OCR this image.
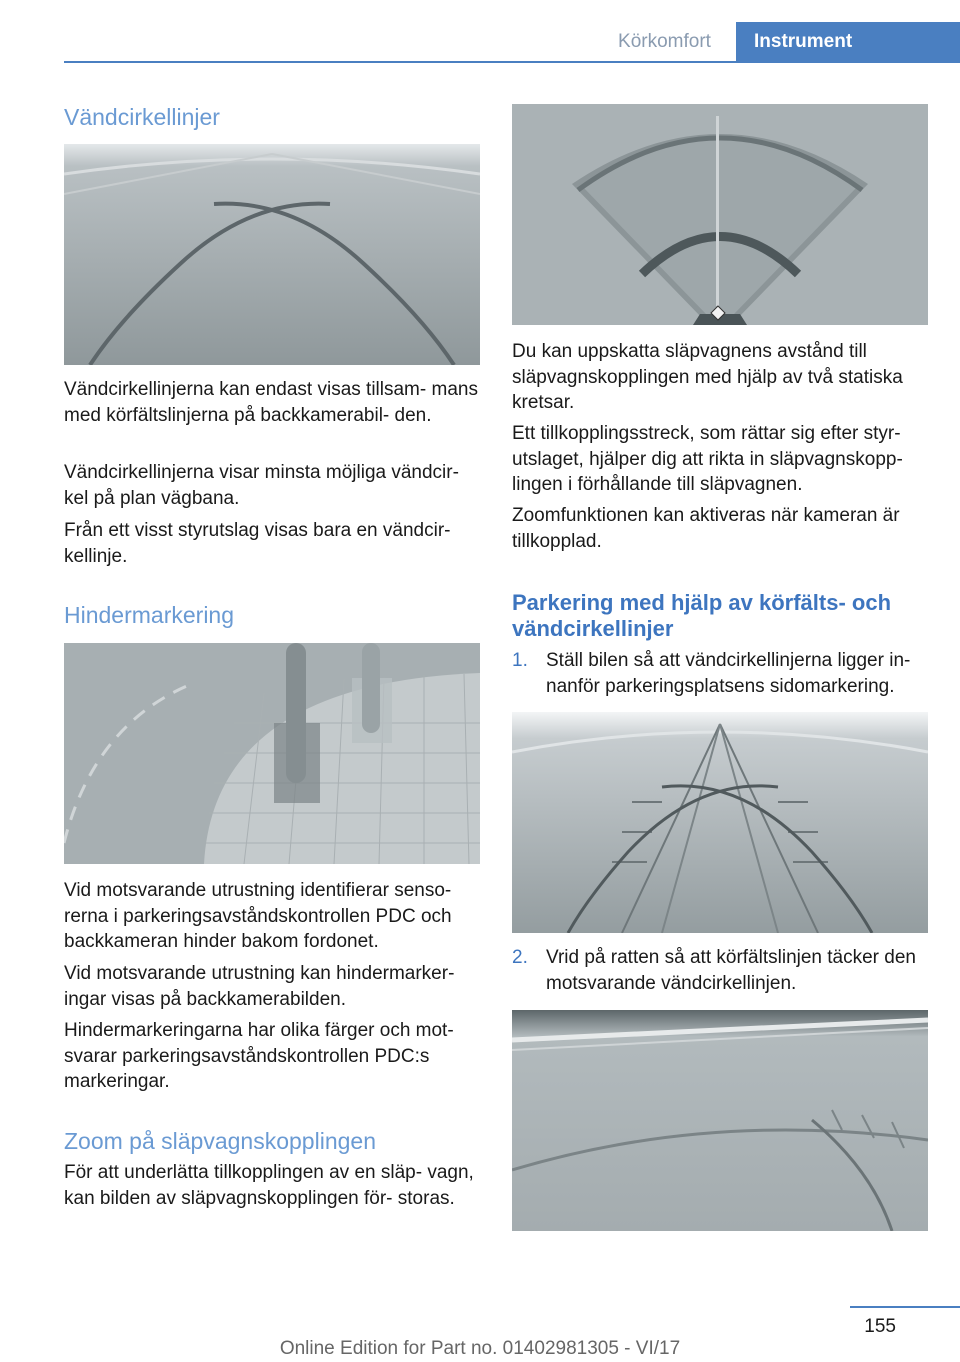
Körkomfort	Instrument
Vändcirkellinjer

Vändcirkellinjerna kan endast visas tillsam‐ mans med körfältslinjerna på backkamerabil‐ den.

Vändcirkellinjerna visar minsta möjliga vändcir‐ kel på plan vägbana.

Från ett visst styrutslag visas bara en vändcir‐ kellinje.

Hindermarkering

Vid motsvarande utrustning identifierar senso‐ rerna i parkeringsavståndskontrollen PDC och backkameran hinder bakom fordonet.

Vid motsvarande utrustning kan hindermarker‐ ingar visas på backkamerabilden.

Hindermarkeringarna har olika färger och mot‐ svarar parkeringsavståndskontrollen PDC:s markeringar.

Zoom på släpvagnskopplingen

För att underlätta tillkopplingen av en släp‐ vagn, kan bilden av släpvagnskopplingen för‐ storas.

Du kan uppskatta släpvagnens avstånd till släpvagnskopplingen med hjälp av två statiska kretsar.

Ett tillkopplingsstreck, som rättar sig efter styr‐ utslaget, hjälper dig att rikta in släpvagnskopp‐ lingen i förhållande till släpvagnen.

Zoomfunktionen kan aktiveras när kameran är tillkopplad.

Parkering med hjälp av körfälts- och vändcirkellinjer
1. Ställ bilen så att vändcirkellinjerna ligger in‐ nanför parkeringsplatsens sidomarkering.

2. Vrid på ratten så att körfältslinjen täcker den motsvarande vändcirkellinjen.

155
Online Edition for Part no. 01402981305 - VI/17
